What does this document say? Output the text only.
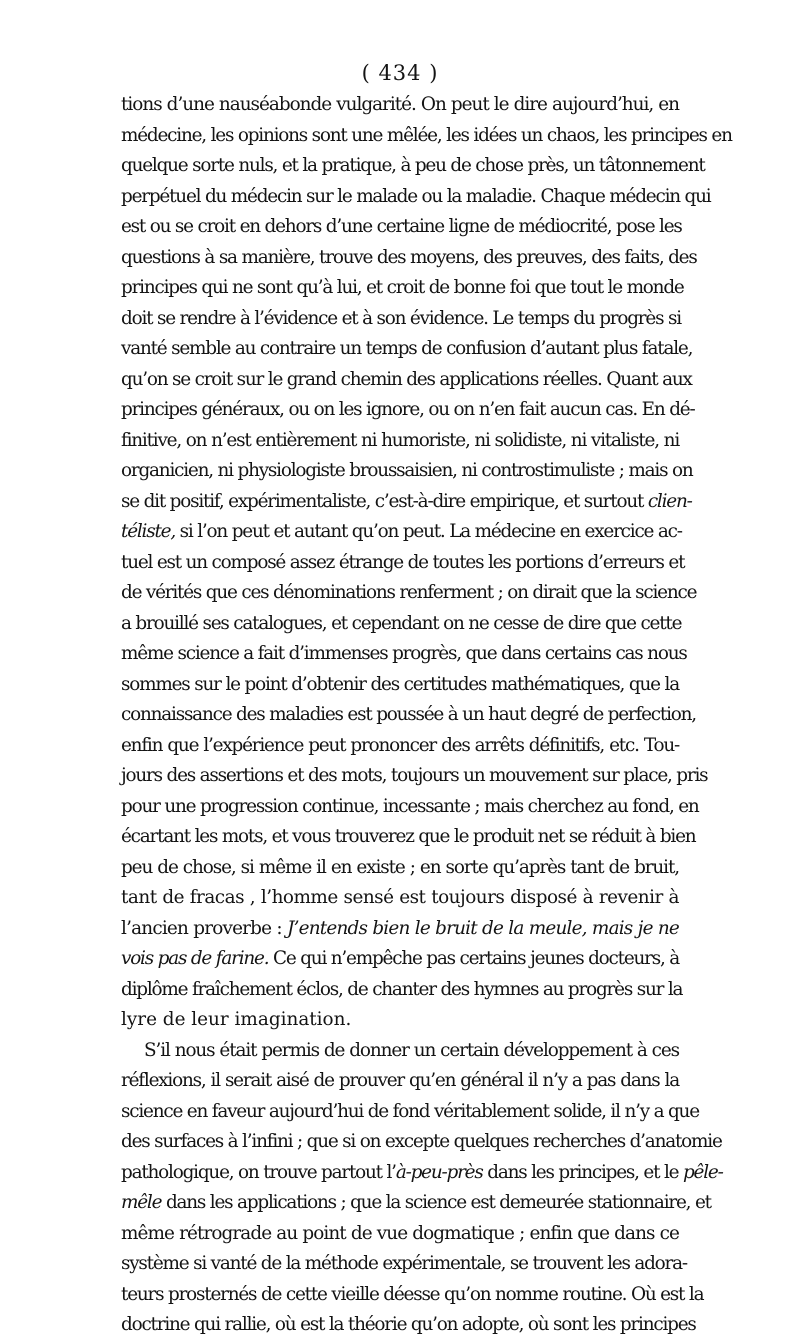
( 434 )
tions d’une nauséabonde vulgarité. On peut le dire aujourd’hui, en
médecine, les opinions sont une mêlée, les idées un chaos, les principes en
quelque sorte nuls, et la pratique, à peu de chose près, un tâtonnement
perpétuel du médecin sur le malade ou la maladie. Chaque médecin qui
est ou se croit en dehors d’une certaine ligne de médiocrité, pose les
questions à sa manière, trouve des moyens, des preuves, des faits, des
principes qui ne sont qu’à lui, et croit de bonne foi que tout le monde
doit se rendre à l’évidence et à son évidence. Le temps du progrès si
vanté semble au contraire un temps de confusion d’autant plus fatale,
qu’on se croit sur le grand chemin des applications réelles. Quant aux
principes généraux, ou on les ignore, ou on n’en fait aucun cas. En dé-
finitive, on n’est entièrement ni humoriste, ni solidiste, ni vitaliste, ni
organicien, ni physiologiste broussaisien, ni controstimuliste ; mais on
se dit positif, expérimentaliste, c’est-à-dire empirique, et surtout clien-
téliste, si l’on peut et autant qu’on peut. La médecine en exercice ac-
tuel est un composé assez étrange de toutes les portions d’erreurs et
de vérités que ces dénominations renferment ; on dirait que la science
a brouillé ses catalogues, et cependant on ne cesse de dire que cette
même science a fait d’immenses progrès, que dans certains cas nous
sommes sur le point d’obtenir des certitudes mathématiques, que la
connaissance des maladies est poussée à un haut degré de perfection,
enfin que l’expérience peut prononcer des arrêts définitifs, etc. Tou-
jours des assertions et des mots, toujours un mouvement sur place, pris
pour une progression continue, incessante ; mais cherchez au fond, en
écartant les mots, et vous trouverez que le produit net se réduit à bien
peu de chose, si même il en existe ; en sorte qu’après tant de bruit,
tant de fracas , l’homme sensé est toujours disposé à revenir à
l’ancien proverbe : J’entends bien le bruit de la meule, mais je ne
vois pas de farine. Ce qui n’empêche pas certains jeunes docteurs, à
diplôme fraîchement éclos, de chanter des hymnes au progrès sur la
lyre de leur imagination.
S’il nous était permis de donner un certain développement à ces
réflexions, il serait aisé de prouver qu’en général il n’y a pas dans la
science en faveur aujourd’hui de fond véritablement solide, il n’y a que
des surfaces à l’infini ; que si on excepte quelques recherches d’anatomie
pathologique, on trouve partout l’à-peu-près dans les principes, et le pêle-
mêle dans les applications ; que la science est demeurée stationnaire, et
même rétrograde au point de vue dogmatique ; enfin que dans ce
système si vanté de la méthode expérimentale, se trouvent les adora-
teurs prosternés de cette vieille déesse qu’on nomme routine. Où est la
doctrine qui rallie, où est la théorie qu’on adopte, où sont les principes
